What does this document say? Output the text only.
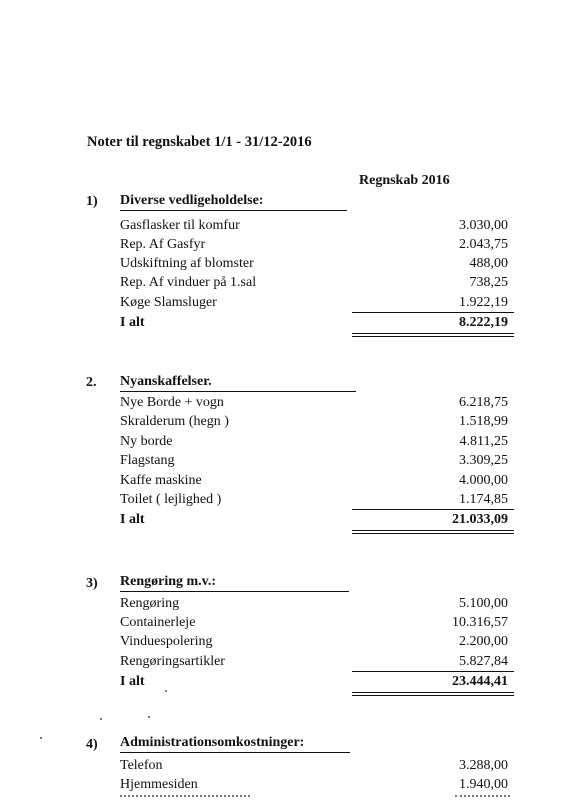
Noter til regnskabet 1/1 - 31/12-2016
Regnskab 2016
1) Diverse vedligeholdelse:
Gasflasker til komfur	3.030,00
Rep. Af Gasfyr	2.043,75
Udskiftning af blomster	488,00
Rep. Af vinduer på 1.sal	738,25
Køge Slamsluger	1.922,19
I alt	8.222,19
2. Nyanskaffelser.
Nye Borde + vogn	6.218,75
Skralderum (hegn )	1.518,99
Ny borde	4.811,25
Flagstang	3.309,25
Kaffe maskine	4.000,00
Toilet ( lejlighed )	1.174,85
I alt	21.033,09
3) Rengøring m.v.:
Rengøring	5.100,00
Containerleje	10.316,57
Vinduespolering	2.200,00
Rengøringsartikler	5.827,84
I alt	23.444,41
4) Administrationsomkostninger:
Telefon	3.288,00
Hjemmesiden	1.940,00
